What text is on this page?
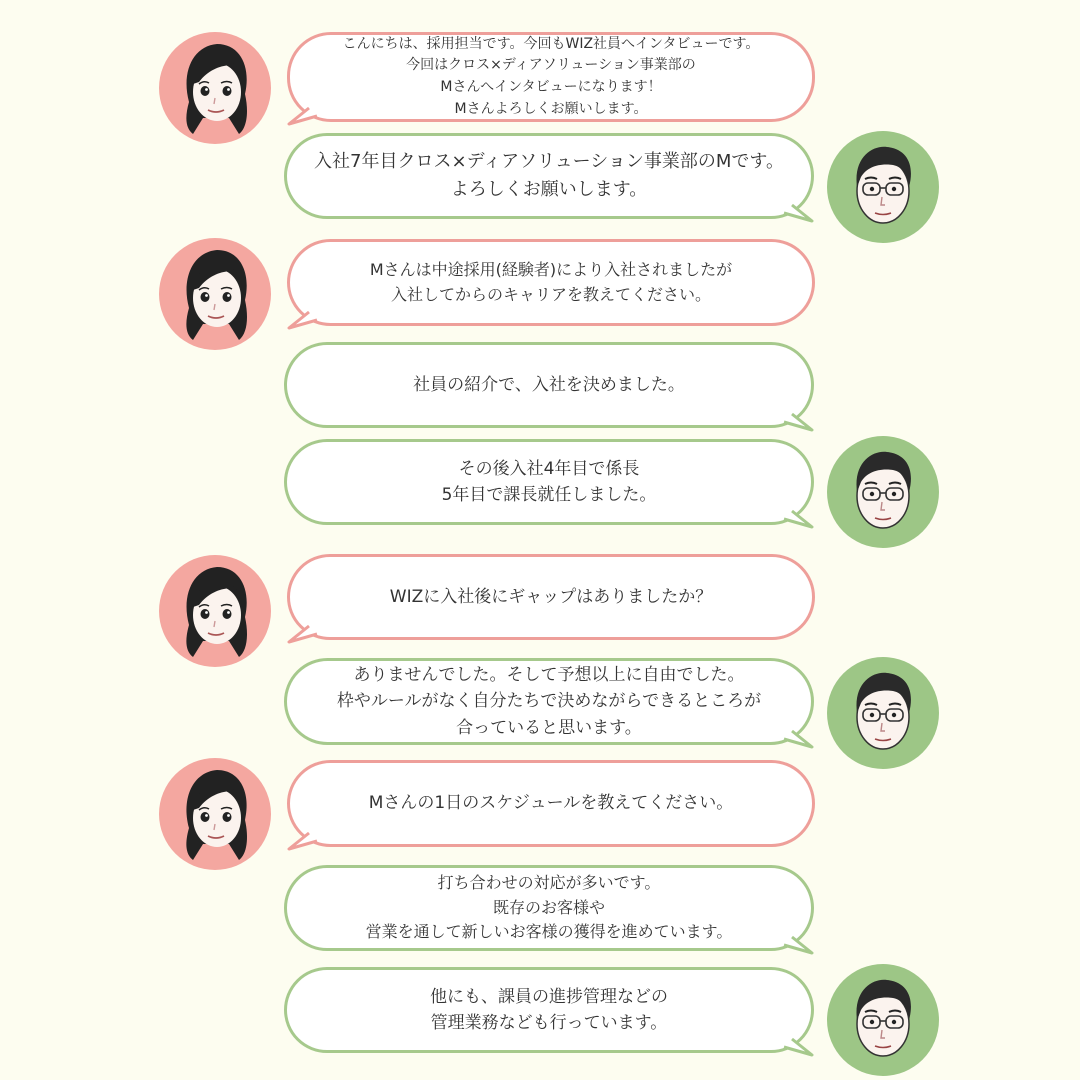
こんにちは、採用担当です。今回もWIZ社員へインタビューです。
今回はクロス×ディアソリューション事業部の
Mさんへインタビューになります！
Mさんよろしくお願いします。
入社7年目クロス×ディアソリューション事業部のMです。
よろしくお願いします。
Mさんは中途採用(経験者)により入社されましたが
入社してからのキャリアを教えてください。
社員の紹介で、入社を決めました。
その後入社4年目で係長
5年目で課長就任しました。
WIZに入社後にギャップはありましたか？
ありませんでした。そして予想以上に自由でした。
枠やルールがなく自分たちで決めながらできるところが
合っていると思います。
Mさんの1日のスケジュールを教えてください。
打ち合わせの対応が多いです。
既存のお客様や
営業を通して新しいお客様の獲得を進めています。
他にも、課員の進捗管理などの
管理業務なども行っています。
